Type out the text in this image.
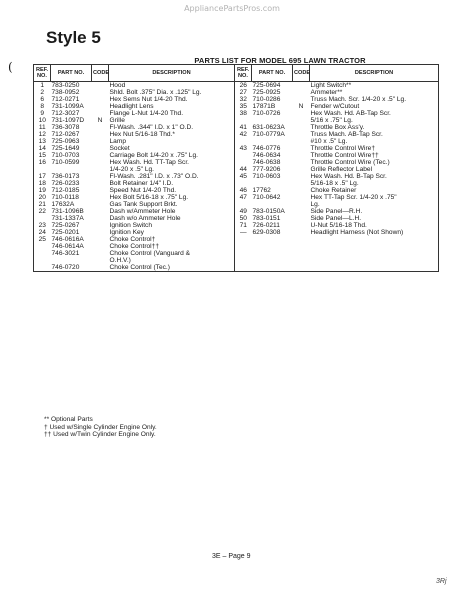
AppliancePartsPros.com
Style 5
(	PARTS LIST FOR MODEL 695 LAWN TRACTOR
REF. NO.	PART NO.	CODE	DESCRIPTION	REF. NO.	PART NO.	CODE	DESCRIPTION
1	783-0250		Hood	26	725-0694		Light Switch**
2	738-0952		Shld. Bolt .375" Dia. x .125" Lg.	27	725-0925		Ammeter**
6	712-0271		Hex Sems Nut 1/4-20 Thd.	32	710-0286		Truss Mach. Scr. 1/4-20 x .5" Lg.
8	731-1099A		Headlight Lens	35	17871B	N	Fender w/Cutout
9	712-3027		Flange L-Nut 1/4-20 Thd.	38	710-0726		Hex Wash. Hd. AB-Tap Scr.
10	731-1097D	N	Grille				5/16 x .75" Lg.
11	736-3078		Fl-Wash. .344" I.D. x 1" O.D.	41	631-0623A		Throttle Box Ass'y.
12	712-0267		Hex Nut 5/16-18 Thd.*	42	710-0779A		Truss Mach. AB-Tap Scr.
13	725-0963		Lamp				#10 x .5" Lg.
14	725-1649		Socket	43	746-0776		Throttle Control Wire†
15	710-0703		Carriage Bolt 1/4-20 x .75" Lg.		746-0634		Throttle Control Wire††
16	710-0599		Hex Wash. Hd. TT-Tap Scr.		746-0638		Throttle Control Wire (Tec.)
			1/4-20 x .5" Lg.	44	777-9206		Grille Reflector Label
17	736-0173		Fl-Wash. .281" I.D. x .73" O.D.	45	710-0603		Hex Wash. Hd. B-Tap Scr.
18	726-0233		Bolt Retainer 1/4" I.D.				5/16-18 x .5" Lg.
19	712-0185		Speed Nut 1/4-20 Thd.	46	17762		Choke Retainer
20	710-0118		Hex Bolt 5/16-18 x .75" Lg.	47	710-0642		Hex TT-Tap Scr. 1/4-20 x .75"
21	17632A		Gas Tank Support Brkt.				Lg.
22	731-1096B		Dash w/Ammeter Hole	49	783-0150A		Side Panel—R.H.
	731-1337A		Dash w/o Ammeter Hole	50	783-0151		Side Panel—L.H.
23	725-0267		Ignition Switch	71	726-0211		U-Nut 5/16-18 Thd.
24	725-0201		Ignition Key	—	629-0308		Headlight Harness (Not Shown)
25	746-0616A		Choke Control†				
	746-0614A		Choke Control††				
	746-3021		Choke Control (Vanguard &				
			O.H.V.)				
	746-0720		Choke Control (Tec.)				
** Optional Parts
† Used w/Single Cylinder Engine Only.
†† Used w/Twin Cylinder Engine Only.
3E – Page 9
3Rj
